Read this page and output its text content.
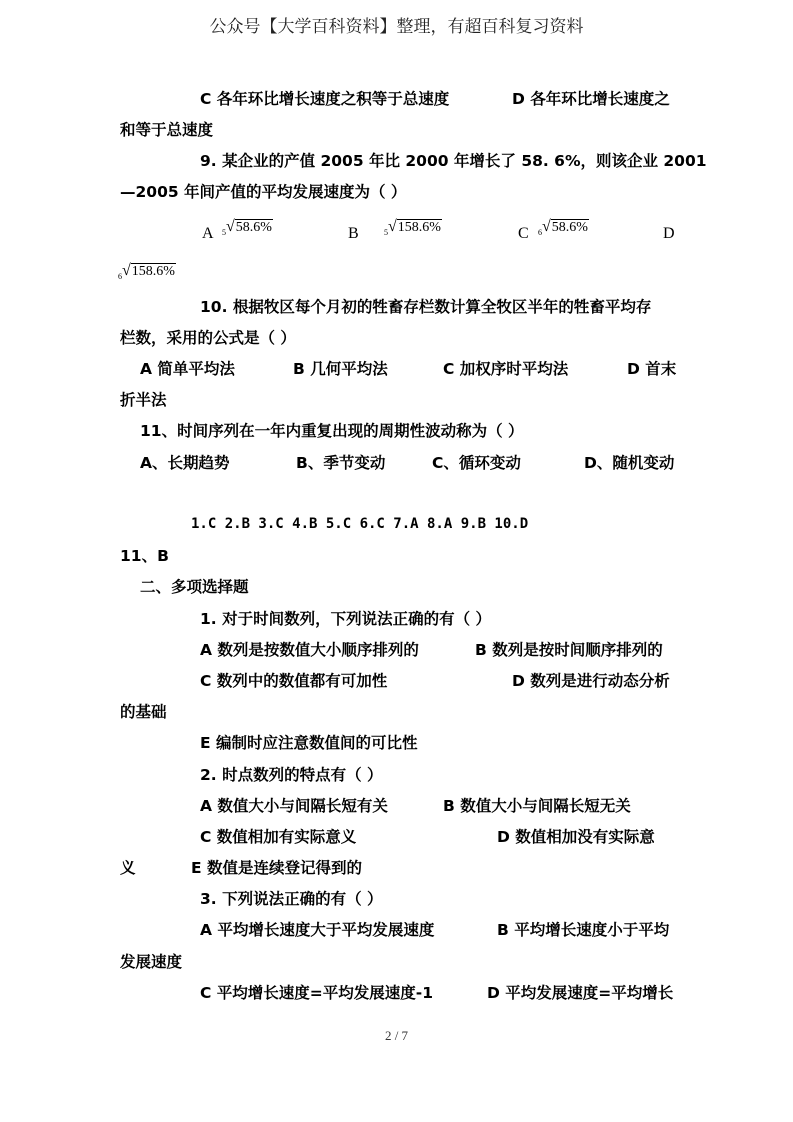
公众号【大学百科资料】整理，有超百科复习资料
C 各年环比增长速度之积等于总速度	D 各年环比增长速度之
和等于总速度
9. 某企业的产值 2005 年比 2000 年增长了 58. 6%，则该企业 2001
—2005 年间产值的平均发展速度为（ ）
A $_5$√58.6%	B	$_5$√158.6%	C $_6$√58.6%	D
$_6$√158.6%
10. 根据牧区每个月初的牲畜存栏数计算全牧区半年的牲畜平均存
栏数，采用的公式是（ ）
A 简单平均法	B 几何平均法	C 加权序时平均法	D 首末
折半法
11、时间序列在一年内重复出现的周期性波动称为（ ）
A、长期趋势	B、季节变动	C、循环变动	D、随机变动
1.C 2.B 3.C 4.B 5.C 6.C 7.A 8.A 9.B 10.D
11、B
二、多项选择题
1. 对于时间数列，下列说法正确的有（ ）
A 数列是按数值大小顺序排列的	B 数列是按时间顺序排列的
C 数列中的数值都有可加性	D 数列是进行动态分析
的基础
E 编制时应注意数值间的可比性
2. 时点数列的特点有（ ）
A 数值大小与间隔长短有关	B 数值大小与间隔长短无关
C 数值相加有实际意义	D 数值相加没有实际意
义	E 数值是连续登记得到的
3. 下列说法正确的有（ ）
A 平均增长速度大于平均发展速度	B 平均增长速度小于平均
发展速度
C 平均增长速度=平均发展速度-1	D 平均发展速度=平均增长
2 / 7
